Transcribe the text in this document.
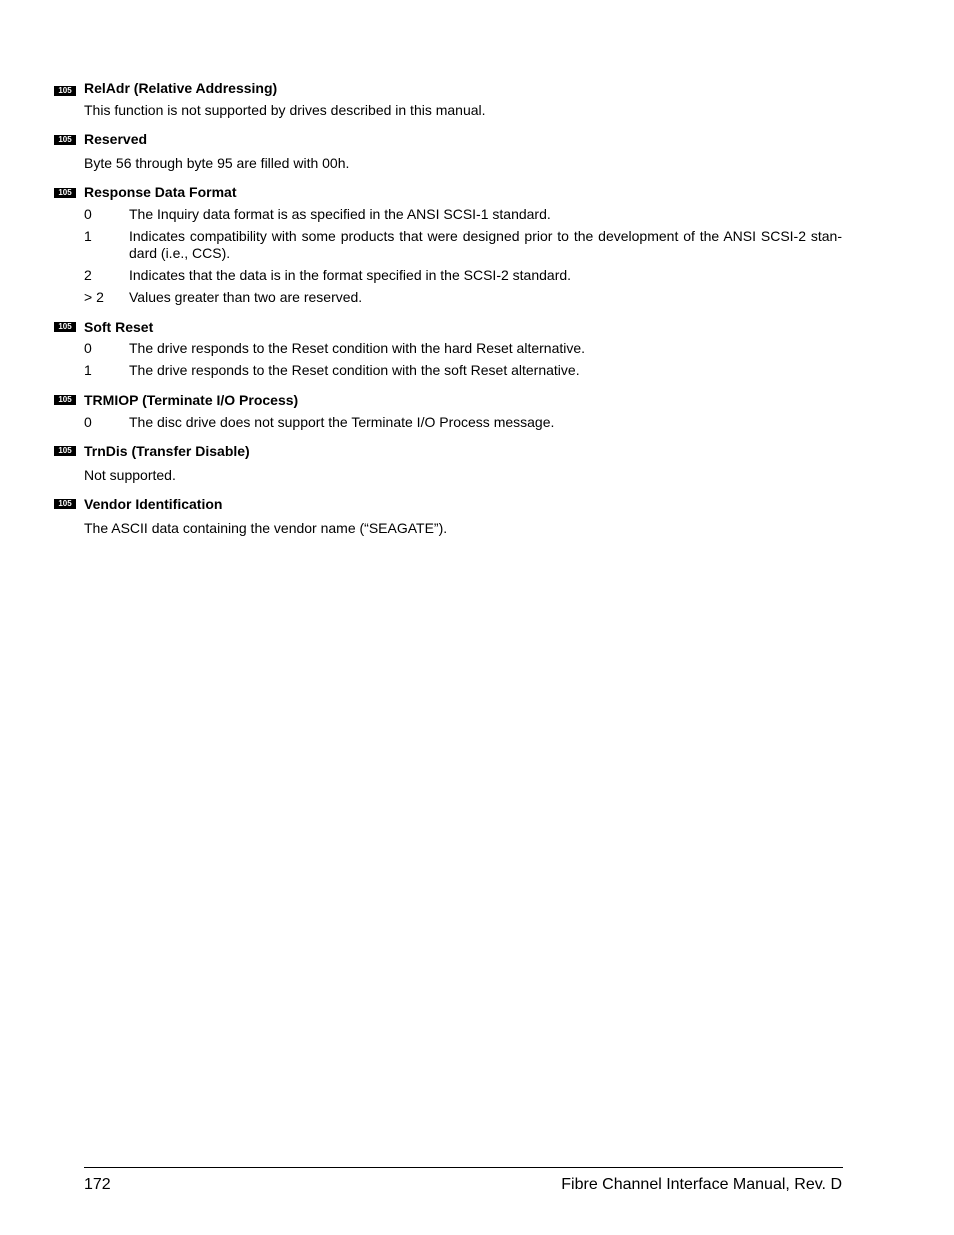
105 RelAdr (Relative Addressing)
This function is not supported by drives described in this manual.
105 Reserved
Byte 56 through byte 95 are filled with 00h.
105 Response Data Format
0	The Inquiry data format is as specified in the ANSI SCSI-1 standard.
1	Indicates compatibility with some products that were designed prior to the development of the ANSI SCSI-2 stan-dard (i.e., CCS).
2	Indicates that the data is in the format specified in the SCSI-2 standard.
> 2 Values greater than two are reserved.
105 Soft Reset
0	The drive responds to the Reset condition with the hard Reset alternative.
1	The drive responds to the Reset condition with the soft Reset alternative.
105 TRMIOP (Terminate I/O Process)
0	The disc drive does not support the Terminate I/O Process message.
105 TrnDis (Transfer Disable)
Not supported.
105 Vendor Identification
The ASCII data containing the vendor name (“SEAGATE”).
172	Fibre Channel Interface Manual, Rev. D
